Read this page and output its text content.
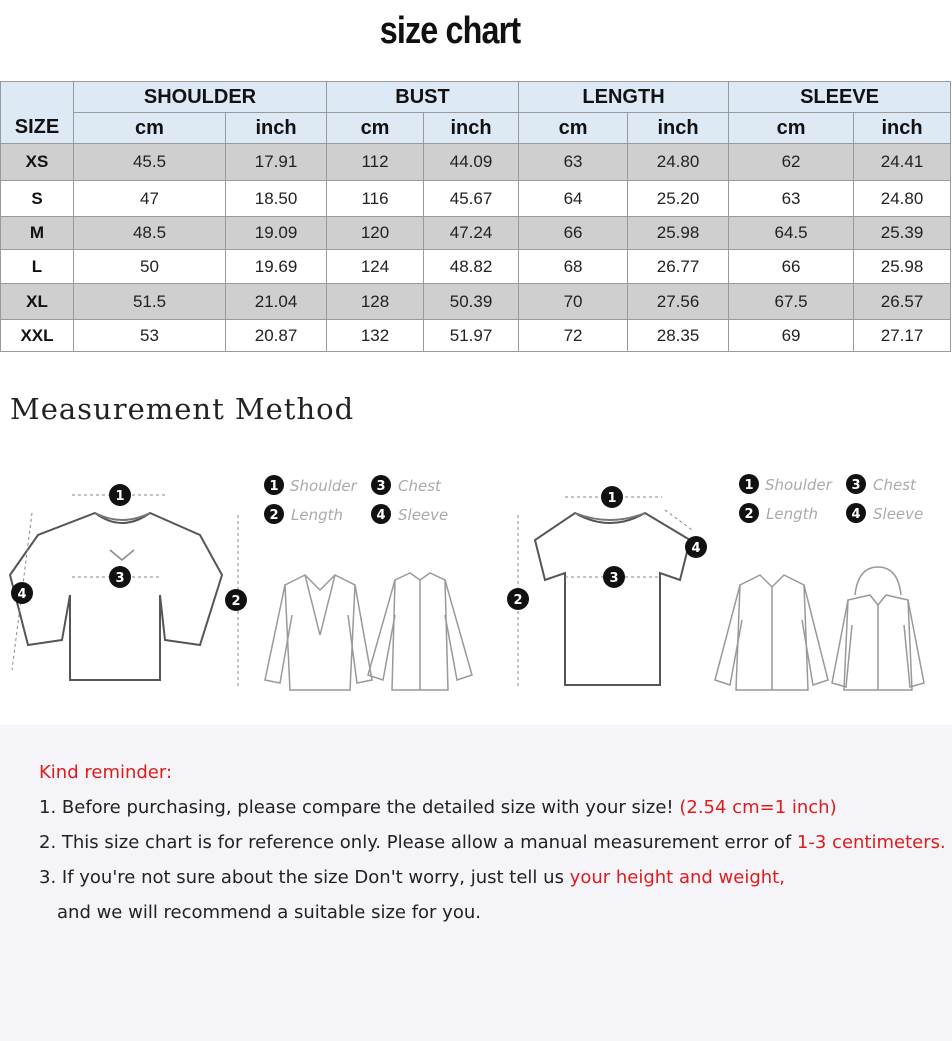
size chart
	SHOULDER		BUST		LENGTH		SLEEVE	
SIZE	cm	inch	cm	inch	cm	inch	cm	inch
XS	45.5	17.91	112	44.09	63	24.80	62	24.41
S	47	18.50	116	45.67	64	25.20	63	24.80
M	48.5	19.09	120	47.24	66	25.98	64.5	25.39
L	50	19.69	124	48.82	68	26.77	66	25.98
XL	51.5	21.04	128	50.39	70	27.56	67.5	26.57
XXL	53	20.87	132	51.97	72	28.35	69	27.17
Measurement Method
1
3
2
4
1 Shoulder 3 Chest
2 Length	4 Sleeve
1
3
2
4
1 Shoulder 3 Chest
2 Length	4 Sleeve
Kind reminder:
1. Before purchasing, please compare the detailed size with your size! (2.54 cm=1 inch)
2. This size chart is for reference only. Please allow a manual measurement error of 1-3 centimeters.
3. If you're not sure about the size Don't worry, just tell us your height and weight,
and we will recommend a suitable size for you.
